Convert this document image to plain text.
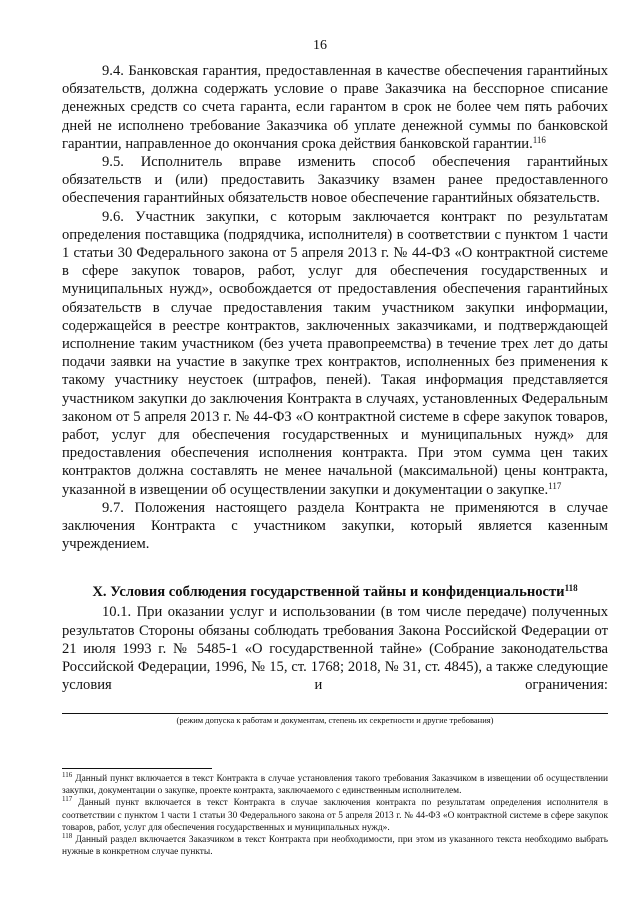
16

9.4. Банковская гарантия, предоставленная в качестве обеспечения гарантийных обязательств, должна содержать условие о праве Заказчика на бесспорное списание денежных средств со счета гаранта, если гарантом в срок не более чем пять рабочих дней не исполнено требование Заказчика об уплате денежной суммы по банковской гарантии, направленное до окончания срока действия банковской гарантии.$^{116}$

9.5. Исполнитель вправе изменить способ обеспечения гарантийных обязательств и (или) предоставить Заказчику взамен ранее предоставленного обеспечения гарантийных обязательств новое обеспечение гарантийных обязательств.

9.6. Участник закупки, с которым заключается контракт по результатам определения поставщика (подрядчика, исполнителя) в соответствии с пунктом 1 части 1 статьи 30 Федерального закона от 5 апреля 2013 г. № 44-ФЗ «О контрактной системе в сфере закупок товаров, работ, услуг для обеспечения государственных и муниципальных нужд», освобождается от предоставления обеспечения гарантийных обязательств в случае предоставления таким участником закупки информации, содержащейся в реестре контрактов, заключенных заказчиками, и подтверждающей исполнение таким участником (без учета правопреемства) в течение трех лет до даты подачи заявки на участие в закупке трех контрактов, исполненных без применения к такому участнику неустоек (штрафов, пеней). Такая информация представляется участником закупки до заключения Контракта в случаях, установленных Федеральным законом от 5 апреля 2013 г. № 44-ФЗ «О контрактной системе в сфере закупок товаров, работ, услуг для обеспечения государственных и муниципальных нужд» для предоставления обеспечения исполнения контракта. При этом сумма цен таких контрактов должна составлять не менее начальной (максимальной) цены контракта, указанной в извещении об осуществлении закупки и документации о закупке.$^{117}$

9.7. Положения настоящего раздела Контракта не применяются в случае заключения Контракта с участником закупки, который является казенным учреждением.

X. Условия соблюдения государственной тайны и конфиденциальности$^{118}$

10.1. При оказании услуг и использовании (в том числе передаче) полученных результатов Стороны обязаны соблюдать требования Закона Российской Федерации от 21 июля 1993 г. № 5485-1 «О государственной тайне» (Собрание законодательства Российской Федерации, 1996, № 15, ст. 1768; 2018, № 31, ст. 4845), а также следующие условия и ограничения:

(режим допуска к работам и документам, степень их секретности и другие требования)

$^{116}$ Данный пункт включается в текст Контракта в случае установления такого требования Заказчиком в извещении об осуществлении закупки, документации о закупке, проекте контракта, заключаемого с единственным исполнителем.

$^{117}$ Данный пункт включается в текст Контракта в случае заключения контракта по результатам определения исполнителя в соответствии с пунктом 1 части 1 статьи 30 Федерального закона от 5 апреля 2013 г. № 44-ФЗ «О контрактной системе в сфере закупок товаров, работ, услуг для обеспечения государственных и муниципальных нужд».

$^{118}$ Данный раздел включается Заказчиком в текст Контракта при необходимости, при этом из указанного текста необходимо выбрать нужные в конкретном случае пункты.
